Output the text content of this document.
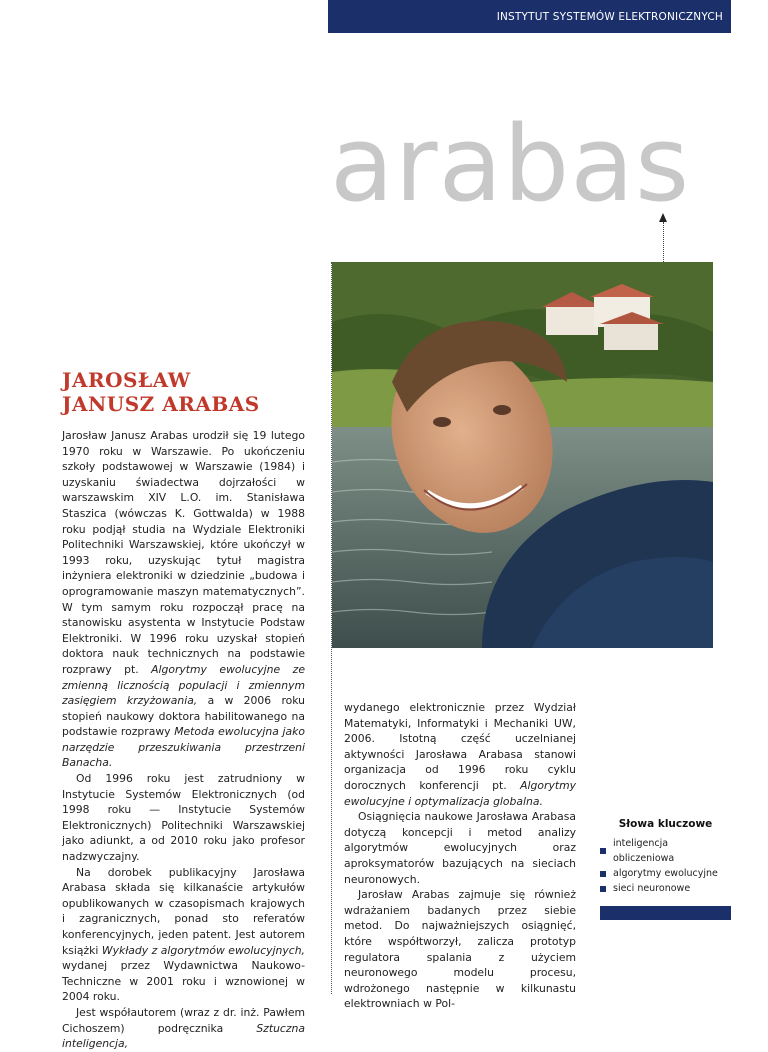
INSTYTUT SYSTEMÓW ELEKTRONICZNYCH
arabas
JAROSŁAW
JANUSZ ARABAS

Jarosław Janusz Arabas urodził się 19 lutego 1970 roku w Warszawie. Po ukończeniu szkoły podstawowej w Warszawie (1984) i uzyskaniu świadectwa dojrzałości w warszawskim XIV L.O. im. Stanisława Staszica (wówczas K. Gottwalda) w 1988 roku podjął studia na Wydziale Elektroniki Politechniki Warszawskiej, które ukończył w 1993 roku, uzyskując tytuł magistra inżyniera elektroniki w dziedzinie „budowa i oprogramowanie maszyn matematycznych”. W tym samym roku rozpoczął pracę na stanowisku asystenta w Instytucie Podstaw Elektroniki. W 1996 roku uzyskał stopień doktora nauk technicznych na podstawie rozprawy pt. Algorytmy ewolucyjne ze zmienną licznością populacji i zmiennym zasięgiem krzyżowania, a w 2006 roku stopień naukowy doktora habilitowanego na podstawie rozprawy Metoda ewolucyjna jako narzędzie przeszukiwania przestrzeni Banacha.

Od 1996 roku jest zatrudniony w Instytucie Systemów Elektronicznych (od 1998 roku — Instytucie Systemów Elektronicznych) Politechniki Warszawskiej jako adiunkt, a od 2010 roku jako profesor nadzwyczajny.

Na dorobek publikacyjny Jarosława Arabasa składa się kilkanaście artykułów opublikowanych w czasopismach krajowych i zagranicznych, ponad sto referatów konferencyjnych, jeden patent. Jest autorem książki Wykłady z algorytmów ewolucyjnych, wydanej przez Wydawnictwa Naukowo-Techniczne w 2001 roku i wznowionej w 2004 roku.

Jest współautorem (wraz z dr. inż. Pawłem Cichoszem) podręcznika	Sztuczna inteligencja,

wydanego elektronicznie przez Wydział Matematyki, Informatyki i Mechaniki UW, 2006. Istotną część uczelnianej aktywności Jarosława Arabasa stanowi organizacja od 1996 roku cyklu dorocznych konferencji pt. Algorytmy ewolucyjne i optymalizacja globalna.

Osiągnięcia naukowe Jarosława Arabasa dotyczą koncepcji i metod analizy algorytmów ewolucyjnych oraz aproksymatorów bazujących na sieciach neuronowych.

Jarosław Arabas zajmuje się również wdrażaniem badanych przez siebie metod. Do najważniejszych osiągnięć, które współtworzył, zalicza prototyp regulatora spalania z użyciem neuronowego modelu procesu, wdrożonego następnie w kilkunastu elektrowniach w Pol-

Słowa kluczowe
inteligencja obliczeniowa
algorytmy ewolucyjne
sieci neuronowe
